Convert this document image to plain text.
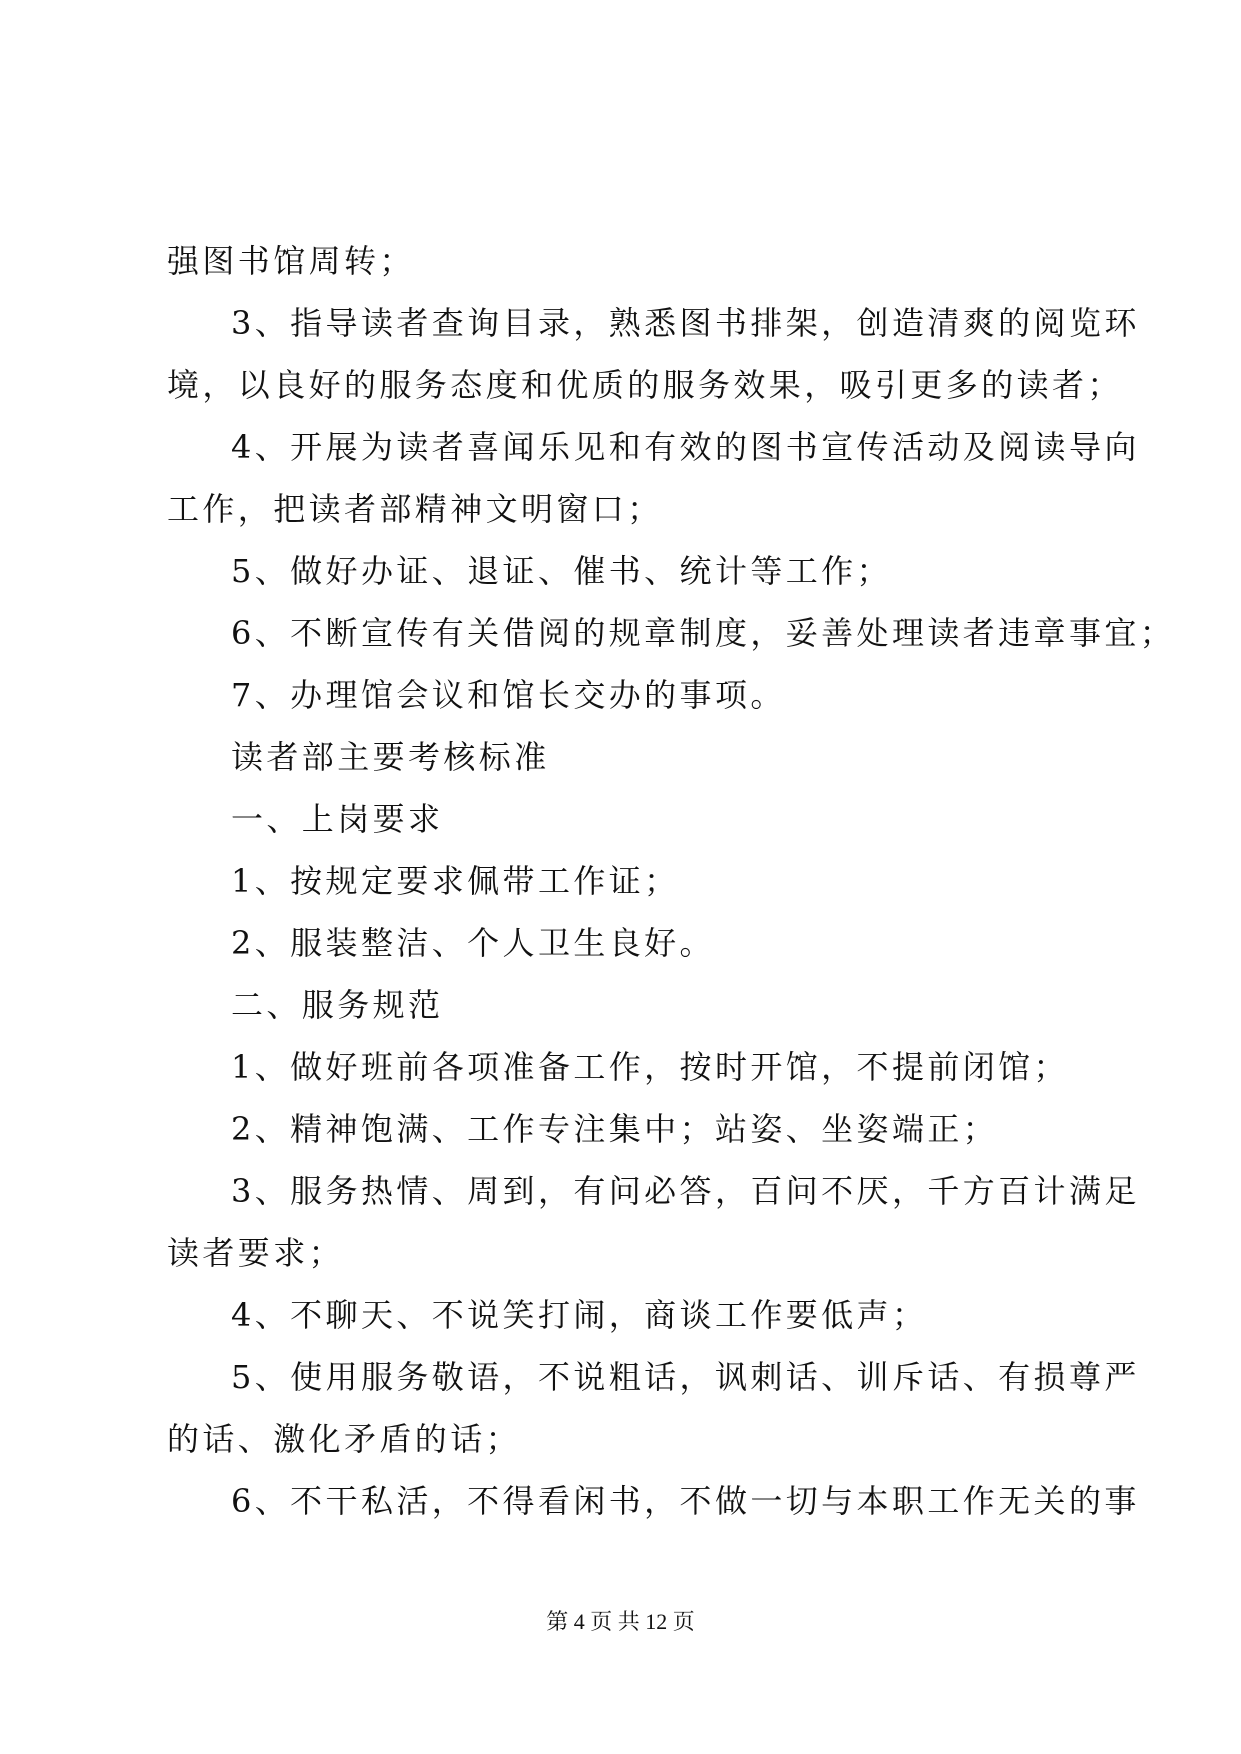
强图书馆周转；

3、指导读者查询目录，熟悉图书排架，创造清爽的阅览环

境，以良好的服务态度和优质的服务效果，吸引更多的读者；

4、开展为读者喜闻乐见和有效的图书宣传活动及阅读导向

工作，把读者部精神文明窗口；

5、做好办证、退证、催书、统计等工作；

6、不断宣传有关借阅的规章制度，妥善处理读者违章事宜；

7、办理馆会议和馆长交办的事项。

读者部主要考核标准

一、上岗要求

1、按规定要求佩带工作证；

2、服装整洁、个人卫生良好。

二、服务规范

1、做好班前各项准备工作，按时开馆，不提前闭馆；

2、精神饱满、工作专注集中；站姿、坐姿端正；

3、服务热情、周到，有问必答，百问不厌，千方百计满足

读者要求；

4、不聊天、不说笑打闹，商谈工作要低声；

5、使用服务敬语，不说粗话，讽刺话、训斥话、有损尊严

的话、激化矛盾的话；

6、不干私活，不得看闲书，不做一切与本职工作无关的事

第 4 页 共 12 页
